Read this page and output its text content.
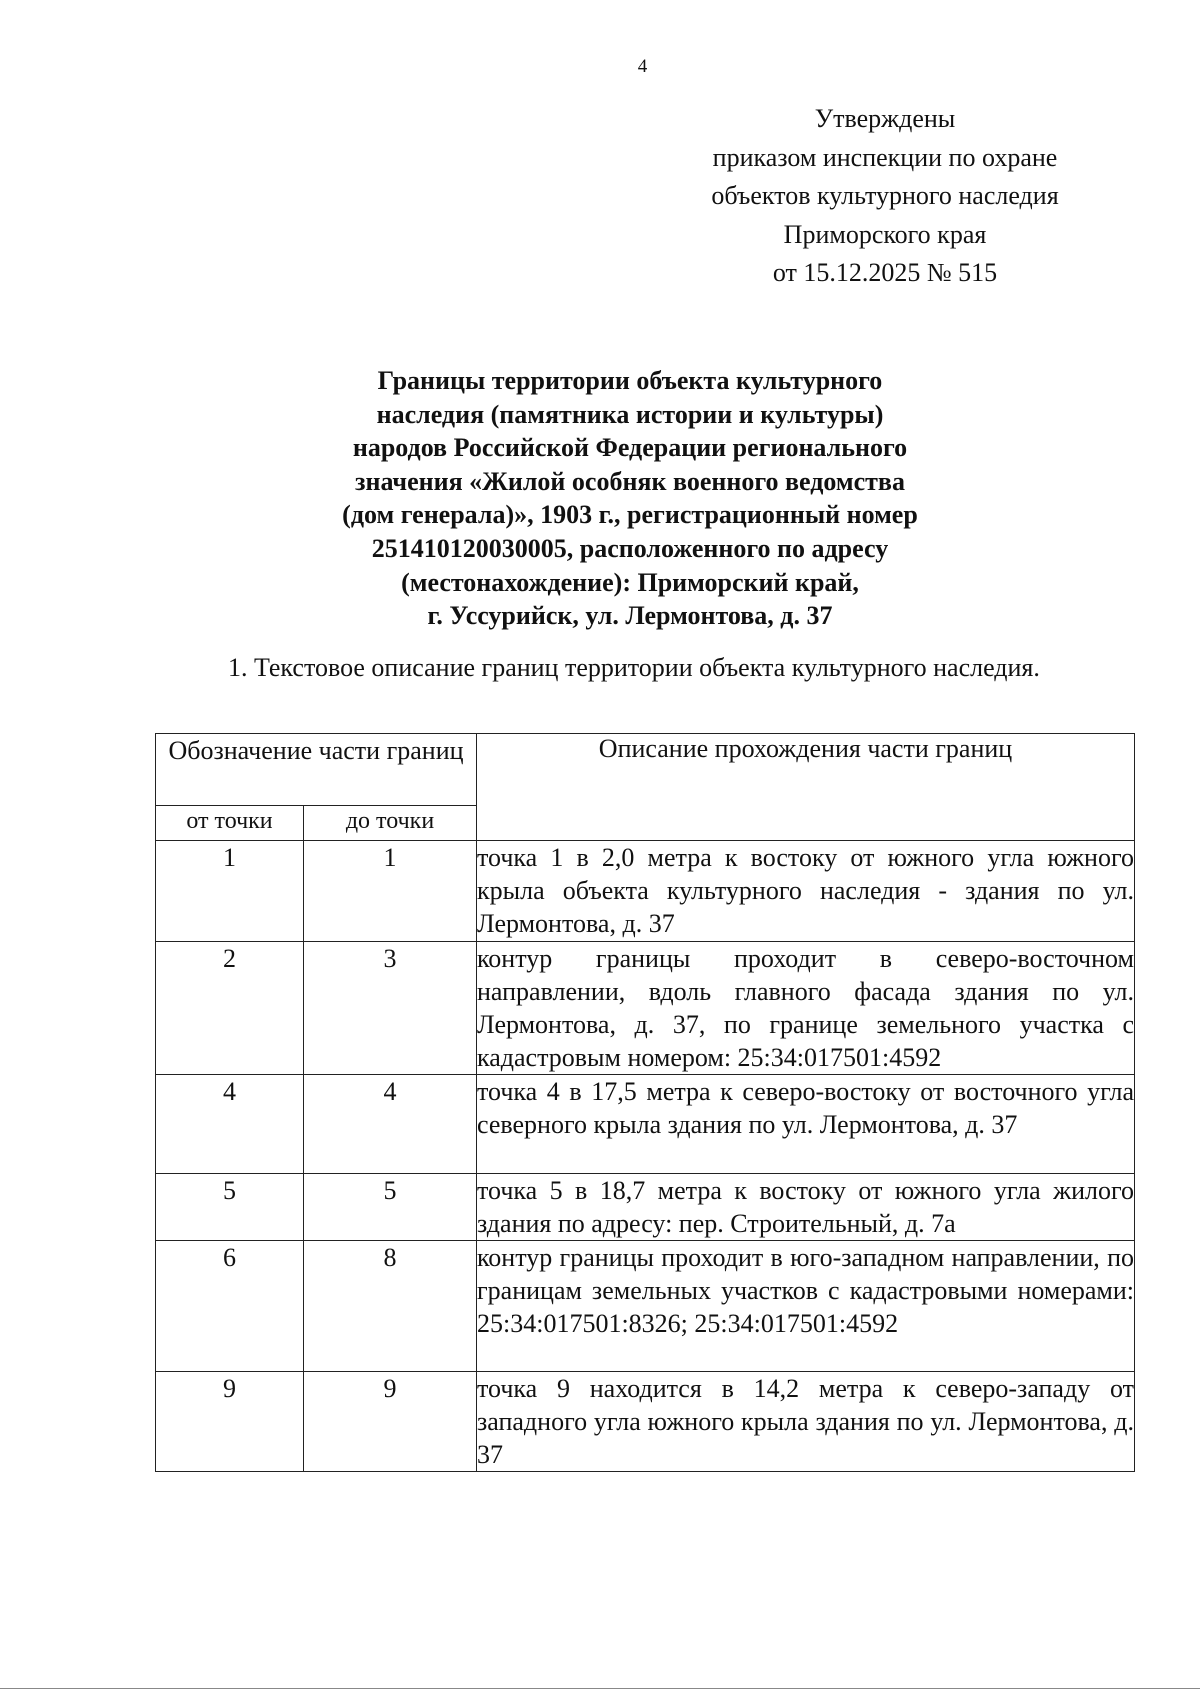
4
Утверждены
приказом инспекции по охране
объектов культурного наследия
Приморского края
от 15.12.2025 № 515
Границы территории объекта культурного
наследия (памятника истории и культуры)
народов Российской Федерации регионального
значения «Жилой особняк военного ведомства
(дом генерала)», 1903 г., регистрационный номер
251410120030005, расположенного по адресу
(местонахождение): Приморский край,
г. Уссурийск, ул. Лермонтова, д. 37
1. Текстовое описание границ территории объекта культурного наследия.
Обозначение части границ		Описание прохождения части границ
от точки	до точки	
1	1	точка 1 в 2,0 метра к востоку от южного угла южного крыла объекта культурного наследия - здания по ул. Лермонтова, д. 37
2	3	контур границы проходит в северо-восточном направлении, вдоль главного фасада здания по ул. Лермонтова, д. 37, по границе земельного участка с кадастровым номером: 25:34:017501:4592
4	4	точка 4 в 17,5 метра к северо-востоку от восточного угла северного крыла здания по ул. Лермонтова, д. 37
5	5	точка 5 в 18,7 метра к востоку от южного угла жилого здания по адресу: пер. Строительный, д. 7а
6	8	контур границы проходит в юго-западном направлении, по границам земельных участков с кадастровыми номерами: 25:34:017501:8326; 25:34:017501:4592
9	9	точка 9 находится в 14,2 метра к северо-западу от западного угла южного крыла здания по ул. Лермонтова, д. 37
